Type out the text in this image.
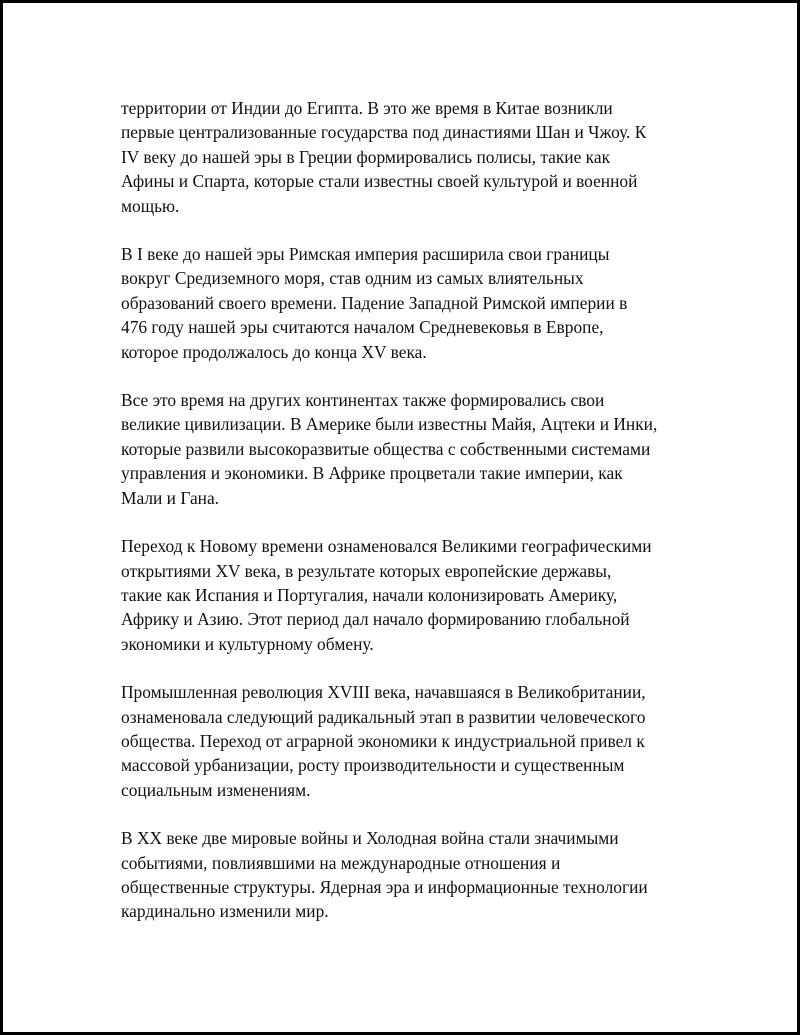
территории от Индии до Египта. В это же время в Китае возникли
первые централизованные государства под династиями Шан и Чжоу. К
IV веку до нашей эры в Греции формировались полисы, такие как
Афины и Спарта, которые стали известны своей культурой и военной
мощью.

В I веке до нашей эры Римская империя расширила свои границы
вокруг Средиземного моря, став одним из самых влиятельных
образований своего времени. Падение Западной Римской империи в
476 году нашей эры считаются началом Средневековья в Европе,
которое продолжалось до конца XV века.

Все это время на других континентах также формировались свои
великие цивилизации. В Америке были известны Майя, Ацтеки и Инки,
которые развили высокоразвитые общества с собственными системами
управления и экономики. В Африке процветали такие империи, как
Мали и Гана.

Переход к Новому времени ознаменовался Великими географическими
открытиями XV века, в результате которых европейские державы,
такие как Испания и Португалия, начали колонизировать Америку,
Африку и Азию. Этот период дал начало формированию глобальной
экономики и культурному обмену.

Промышленная революция XVIII века, начавшаяся в Великобритании,
ознаменовала следующий радикальный этап в развитии человеческого
общества. Переход от аграрной экономики к индустриальной привел к
массовой урбанизации, росту производительности и существенным
социальным изменениям.

В XX веке две мировые войны и Холодная война стали значимыми
событиями, повлиявшими на международные отношения и
общественные структуры. Ядерная эра и информационные технологии
кардинально изменили мир.
